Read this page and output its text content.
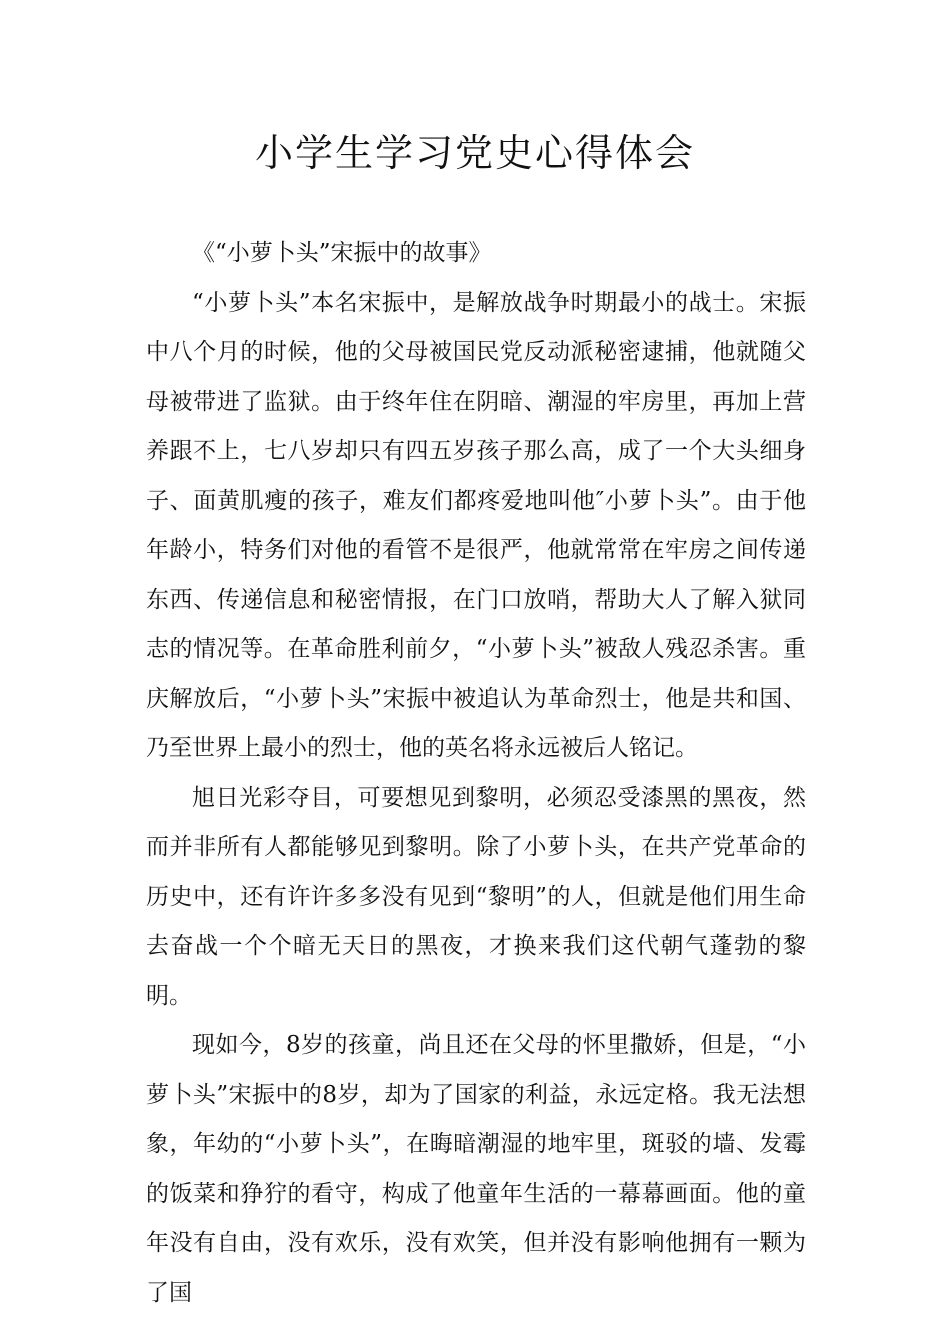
小学生学习党史心得体会

《“小萝卜头”宋振中的故事》

“小萝卜头”本名宋振中，是解放战争时期最小的战士。宋振中八个月的时候，他的父母被国民党反动派秘密逮捕，他就随父母被带进了监狱。由于终年住在阴暗、潮湿的牢房里，再加上营养跟不上，七八岁却只有四五岁孩子那么高，成了一个大头细身子、面黄肌瘦的孩子，难友们都疼爱地叫他″小萝卜头”。由于他年龄小，特务们对他的看管不是很严，他就常常在牢房之间传递东西、传递信息和秘密情报，在门口放哨，帮助大人了解入狱同志的情况等。在革命胜利前夕，“小萝卜头”被敌人残忍杀害。重庆解放后，“小萝卜头”宋振中被追认为革命烈士，他是共和国、乃至世界上最小的烈士，他的英名将永远被后人铭记。

旭日光彩夺目，可要想见到黎明，必须忍受漆黑的黑夜，然而并非所有人都能够见到黎明。除了小萝卜头，在共产党革命的历史中，还有许许多多没有见到“黎明”的人，但就是他们用生命去奋战一个个暗无天日的黑夜，才换来我们这代朝气蓬勃的黎明。

现如今，8岁的孩童，尚且还在父母的怀里撒娇，但是，“小萝卜头”宋振中的8岁，却为了国家的利益，永远定格。我无法想象，年幼的“小萝卜头”，在晦暗潮湿的地牢里，斑驳的墙、发霉的饭菜和狰狞的看守，构成了他童年生活的一幕幕画面。他的童年没有自由，没有欢乐，没有欢笑，但并没有影响他拥有一颗为了国
